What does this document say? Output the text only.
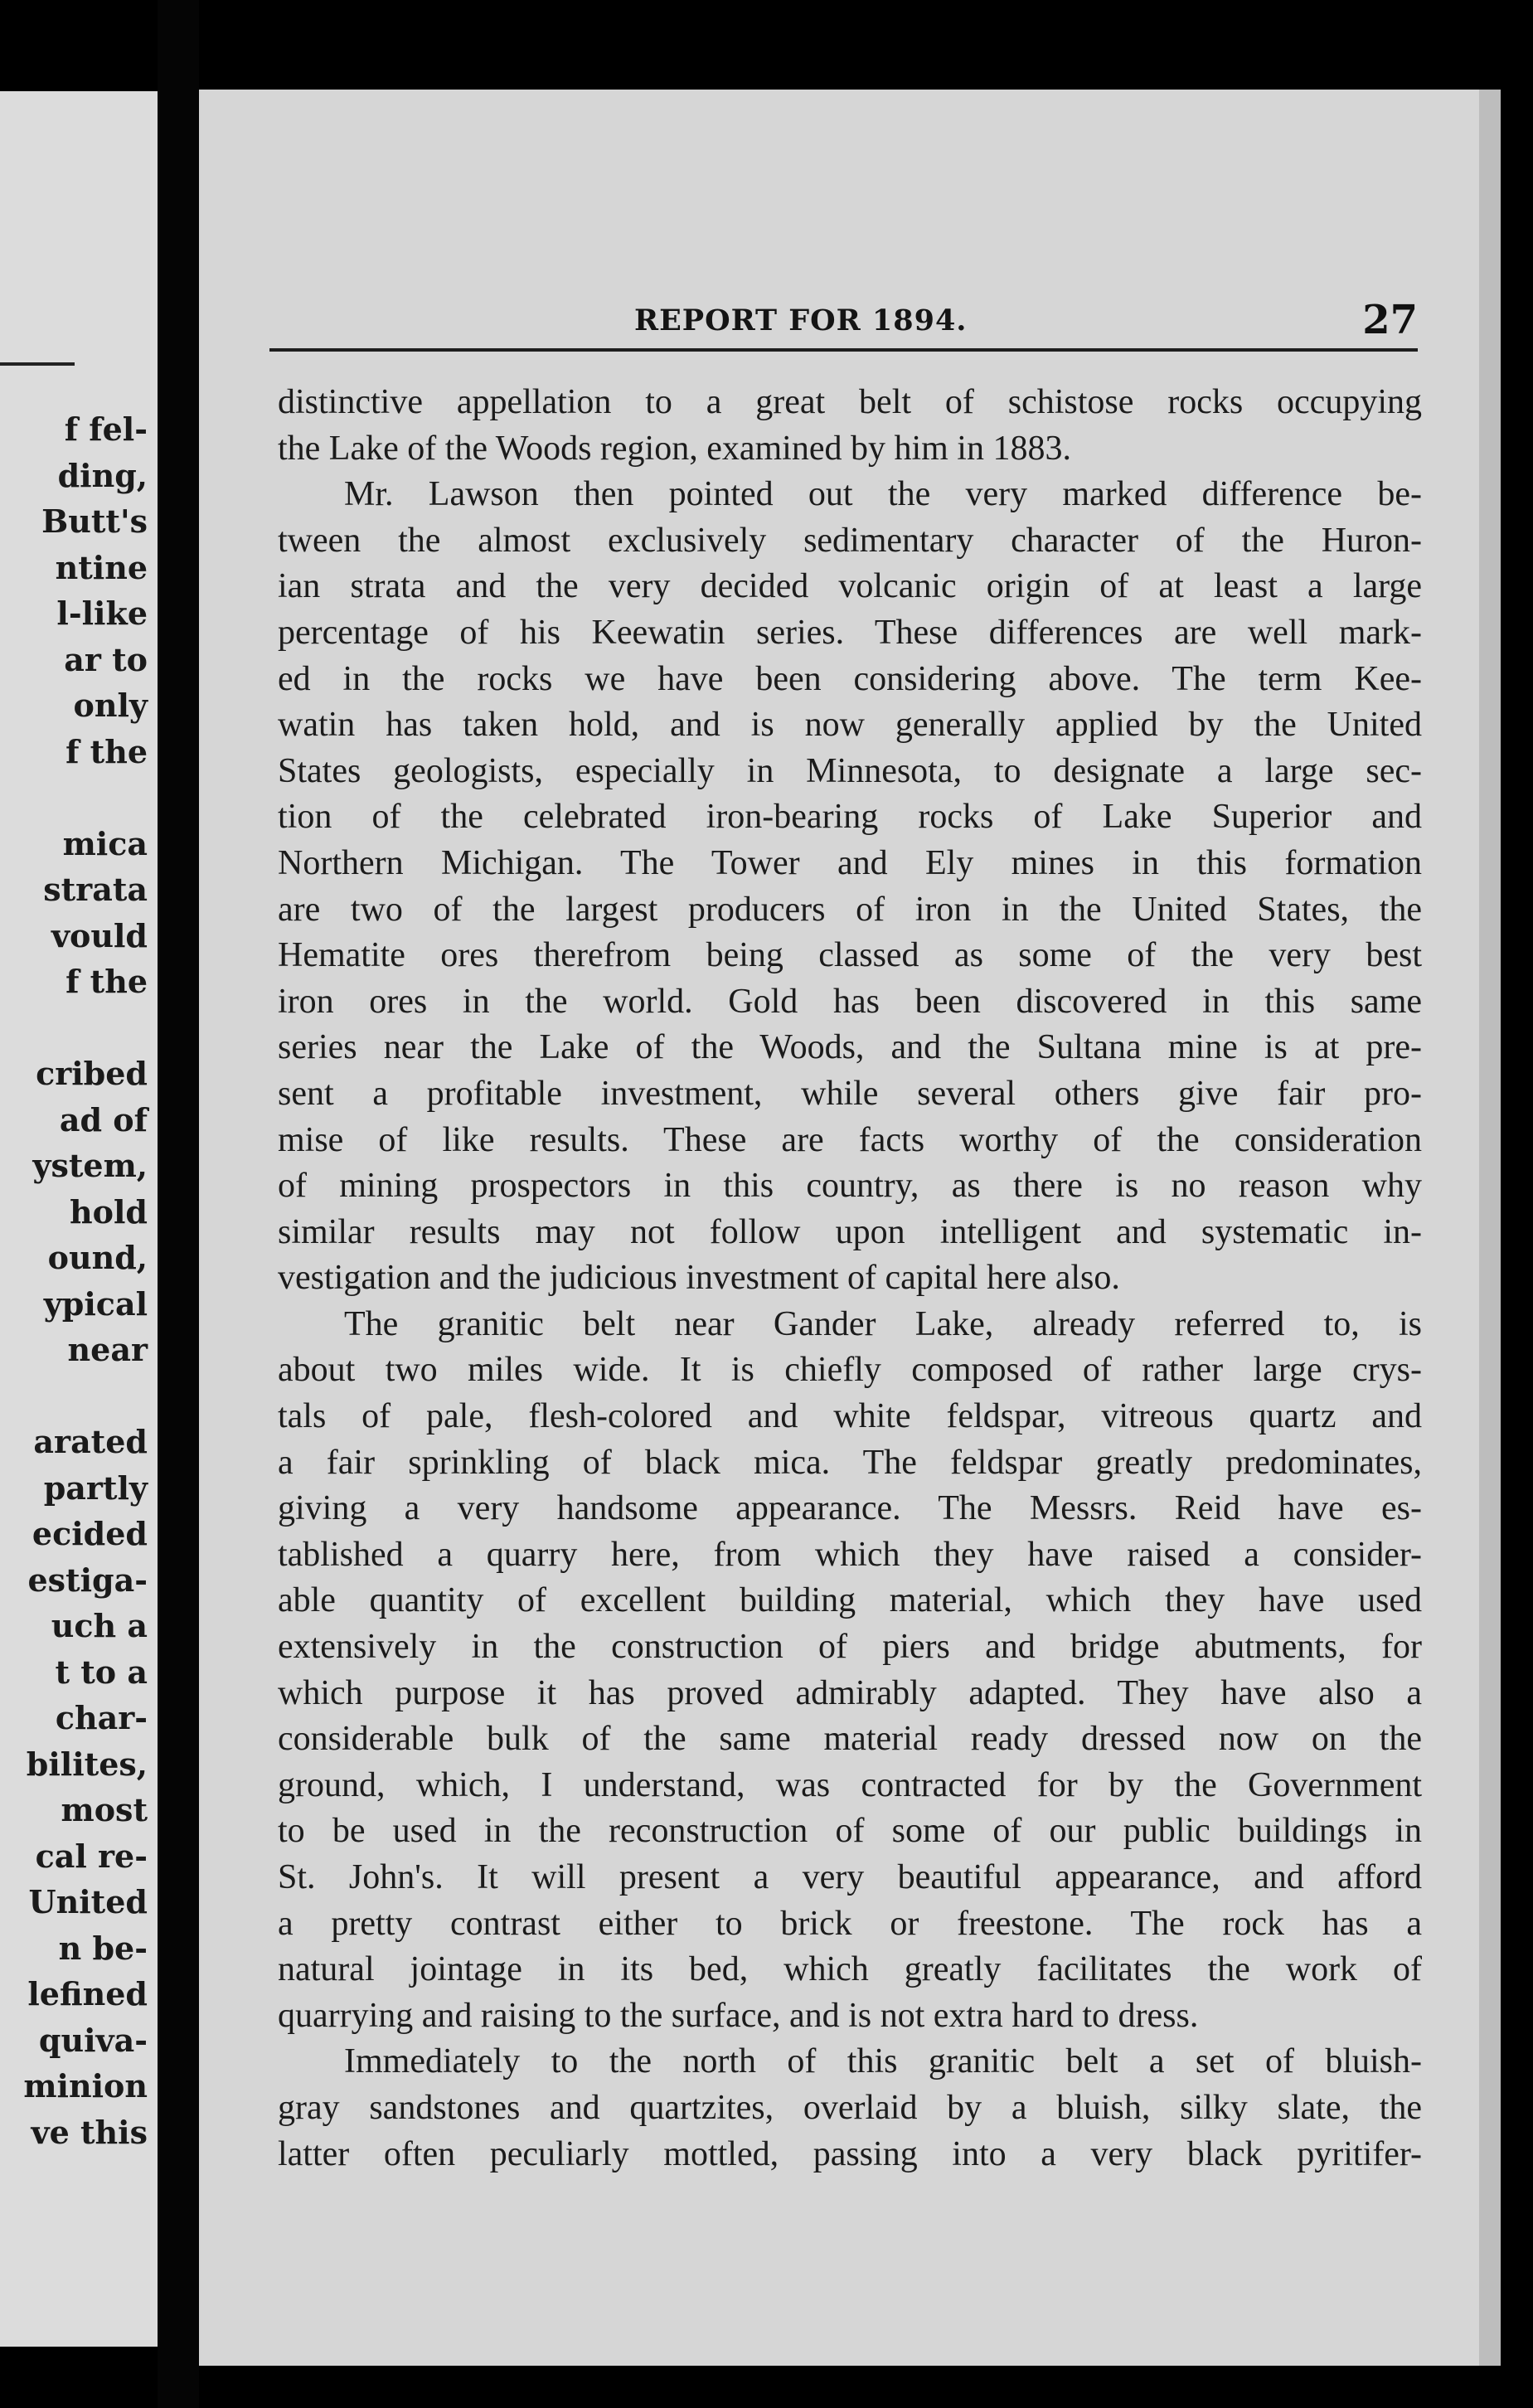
f fel-
ding,
Butt's
ntine
l-like
ar to
only
f the
mica
strata
vould
f the
cribed
ad of
ystem,
hold
ound,
ypical
near
arated
partly
ecided
estiga-
uch a
t to a
char-
bilites,
most
cal re-
United
n be-
lefined
quiva-
minion
ve this
REPORT FOR 1894.	27
distinctive appellation to a great belt of schistose rocks occupying
the Lake of the Woods region, examined by him in 1883.
Mr. Lawson then pointed out the very marked difference be-
tween the almost exclusively sedimentary character of the Huron-
ian strata and the very decided volcanic origin of at least a large
percentage of his Keewatin series. These differences are well mark-
ed in the rocks we have been considering above. The term Kee-
watin has taken hold, and is now generally applied by the United
States geologists, especially in Minnesota, to designate a large sec-
tion of the celebrated iron-bearing rocks of Lake Superior and
Northern Michigan. The Tower and Ely mines in this formation
are two of the largest producers of iron in the United States, the
Hematite ores therefrom being classed as some of the very best
iron ores in the world. Gold has been discovered in this same
series near the Lake of the Woods, and the Sultana mine is at pre-
sent a profitable investment, while several others give fair pro-
mise of like results. These are facts worthy of the consideration
of mining prospectors in this country, as there is no reason why
similar results may not follow upon intelligent and systematic in-
vestigation and the judicious investment of capital here also.
The granitic belt near Gander Lake, already referred to, is
about two miles wide. It is chiefly composed of rather large crys-
tals of pale, flesh-colored and white feldspar, vitreous quartz and
a fair sprinkling of black mica. The feldspar greatly predominates,
giving a very handsome appearance. The Messrs. Reid have es-
tablished a quarry here, from which they have raised a consider-
able quantity of excellent building material, which they have used
extensively in the construction of piers and bridge abutments, for
which purpose it has proved admirably adapted. They have also a
considerable bulk of the same material ready dressed now on the
ground, which, I understand, was contracted for by the Government
to be used in the reconstruction of some of our public buildings in
St. John's. It will present a very beautiful appearance, and afford
a pretty contrast either to brick or freestone. The rock has a
natural jointage in its bed, which greatly facilitates the work of
quarrying and raising to the surface, and is not extra hard to dress.
Immediately to the north of this granitic belt a set of bluish-
gray sandstones and quartzites, overlaid by a bluish, silky slate, the
latter often peculiarly mottled, passing into a very black pyritifer-
